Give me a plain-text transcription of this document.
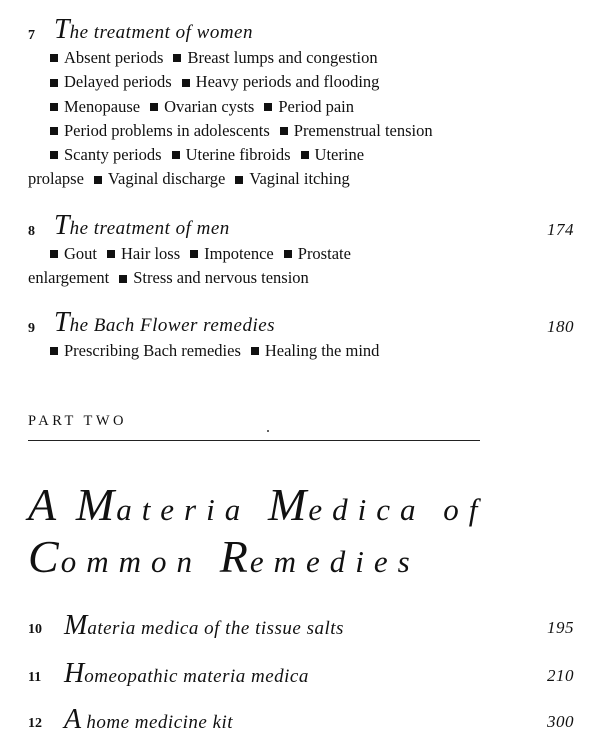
7 The treatment of women
Absent periods Breast lumps and congestion
Delayed periods Heavy periods and flooding
Menopause Ovarian cysts Period pain
Period problems in adolescents Premenstrual tension
Scanty periods Uterine fibroids Uterine
prolapse Vaginal discharge Vaginal itching
8 The treatment of men	174
Gout Hair loss Impotence Prostate
enlargement Stress and nervous tension
9 The Bach Flower remedies	180
Prescribing Bach remedies Healing the mind
PART TWO
A Materia Medica of
Common Remedies
10 Materia medica of the tissue salts	195
11 Homeopathic materia medica	210
12 A home medicine kit	300
